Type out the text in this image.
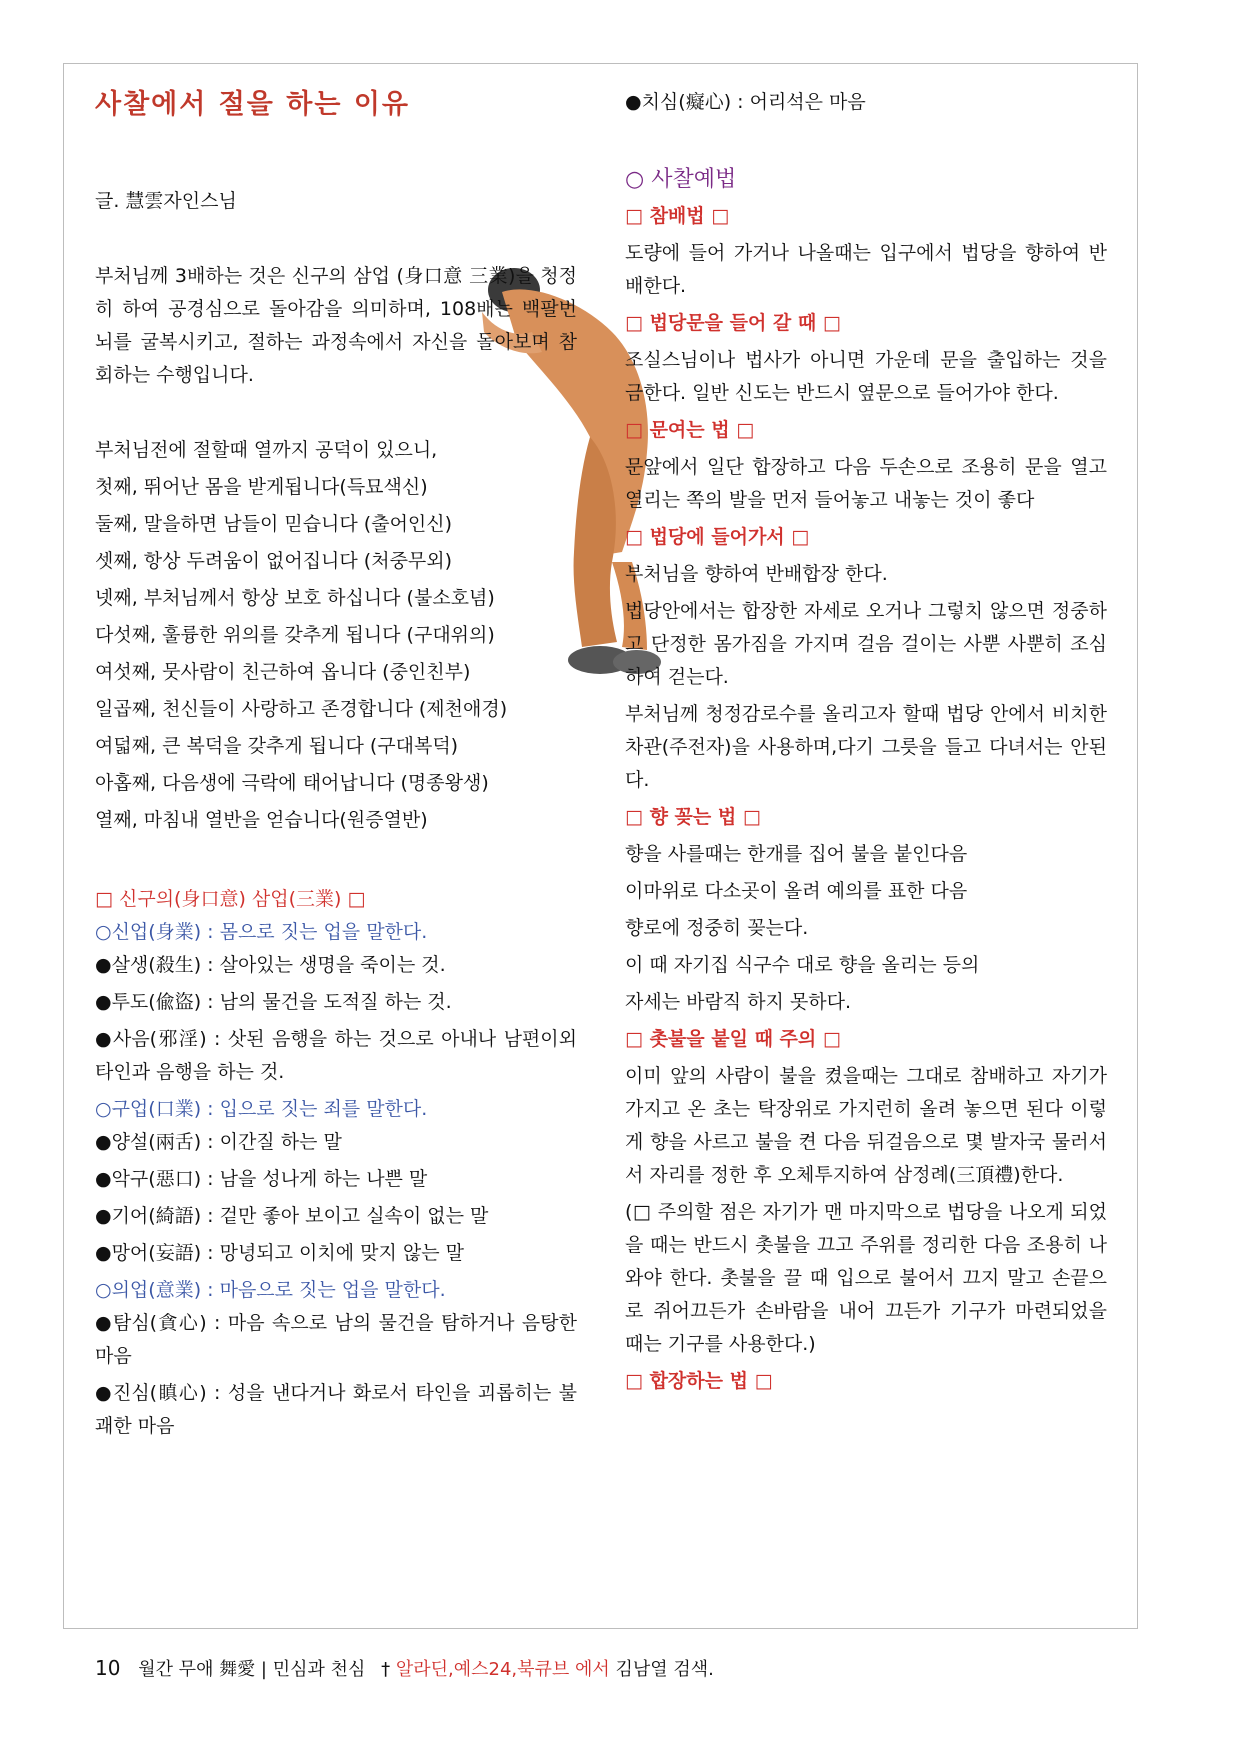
사찰에서 절을 하는 이유

글. 慧雲자인스님

부처님께 3배하는 것은 신구의 삼업 (身口意 三業)을 청정히 하여 공경심으로 돌아감을 의미하며, 108배는 백팔번뇌를 굴복시키고, 절하는 과정속에서 자신을 돌아보며 참회하는 수행입니다.

부처님전에 절할때 열까지 공덕이 있으니,

첫째, 뛰어난 몸을 받게됩니다(득묘색신)

둘째, 말을하면 남들이 믿습니다 (출어인신)

셋째, 항상 두려움이 없어집니다 (처중무외)

넷째, 부처님께서 항상 보호 하십니다 (불소호념)

다섯째, 훌륭한 위의를 갖추게 됩니다 (구대위의)

여섯째, 뭇사람이 친근하여 옵니다 (중인친부)

일곱째, 천신들이 사랑하고 존경합니다 (제천애경)

여덟째, 큰 복덕을 갖추게 됩니다 (구대복덕)

아홉째, 다음생에 극락에 태어납니다 (명종왕생)

열째, 마침내 열반을 얻습니다(원증열반)

□ 신구의(身口意) 삼업(三業) □

○신업(身業) : 몸으로 짓는 업을 말한다.

●살생(殺生) : 살아있는 생명을 죽이는 것.

●투도(偸盜) : 남의 물건을 도적질 하는 것.

●사음(邪淫) : 삿된 음행을 하는 것으로 아내나 남편이외 타인과 음행을 하는 것.

○구업(口業) : 입으로 짓는 죄를 말한다.

●양설(兩舌) : 이간질 하는 말

●악구(惡口) : 남을 성나게 하는 나쁜 말

●기어(綺語) : 겉만 좋아 보이고 실속이 없는 말

●망어(妄語) : 망녕되고 이치에 맞지 않는 말

○의업(意業) : 마음으로 짓는 업을 말한다.

●탐심(貪心) : 마음 속으로 남의 물건을 탐하거나 음탕한 마음

●진심(瞋心) : 성을 낸다거나 화로서 타인을 괴롭히는 불괘한 마음

●치심(癡心) : 어리석은 마음

○ 사찰예법

□ 참배법 □

도량에 들어 가거나 나올때는 입구에서 법당을 향하여 반배한다.

□ 법당문을 들어 갈 때 □

조실스님이나 법사가 아니면 가운데 문을 출입하는 것을 금한다. 일반 신도는 반드시 옆문으로 들어가야 한다.

□ 문여는 법 □

문앞에서 일단 합장하고 다음 두손으로 조용히 문을 열고 열리는 쪽의 발을 먼저 들어놓고 내놓는 것이 좋다

□ 법당에 들어가서 □

부처님을 향하여 반배합장 한다.

법당안에서는 합장한 자세로 오거나 그렇치 않으면 정중하고 단정한 몸가짐을 가지며 걸음 걸이는 사뿐 사뿐히 조심하여 걷는다.

부처님께 청정감로수를 올리고자 할때 법당 안에서 비치한 차관(주전자)을 사용하며,다기 그릇을 들고 다녀서는 안된다.

□ 향 꽂는 법 □

향을 사를때는 한개를 집어 불을 붙인다음

이마위로 다소곳이 올려 예의를 표한 다음

향로에 정중히 꽂는다.

이 때 자기집 식구수 대로 향을 올리는 등의

자세는 바람직 하지 못하다.

□ 촛불을 붙일 때 주의 □

이미 앞의 사람이 불을 켰을때는 그대로 참배하고 자기가 가지고 온 초는 탁장위로 가지런히 올려 놓으면 된다 이렇게 향을 사르고 불을 켠 다음 뒤걸음으로 몇 발자국 물러서서 자리를 정한 후 오체투지하여 삼정례(三頂禮)한다.

(□ 주의할 점은 자기가 맨 마지막으로 법당을 나오게 되었을 때는 반드시 촛불을 끄고 주위를 정리한 다음 조용히 나와야 한다. 촛불을 끌 때 입으로 불어서 끄지 말고 손끝으로 쥐어끄든가 손바람을 내어 끄든가 기구가 마련되었을 때는 기구를 사용한다.)

□ 합장하는 법 □

10 월간 무애 舞愛 | 민심과 천심 † 알라딘,예스24,북큐브 에서 김남열 검색.
